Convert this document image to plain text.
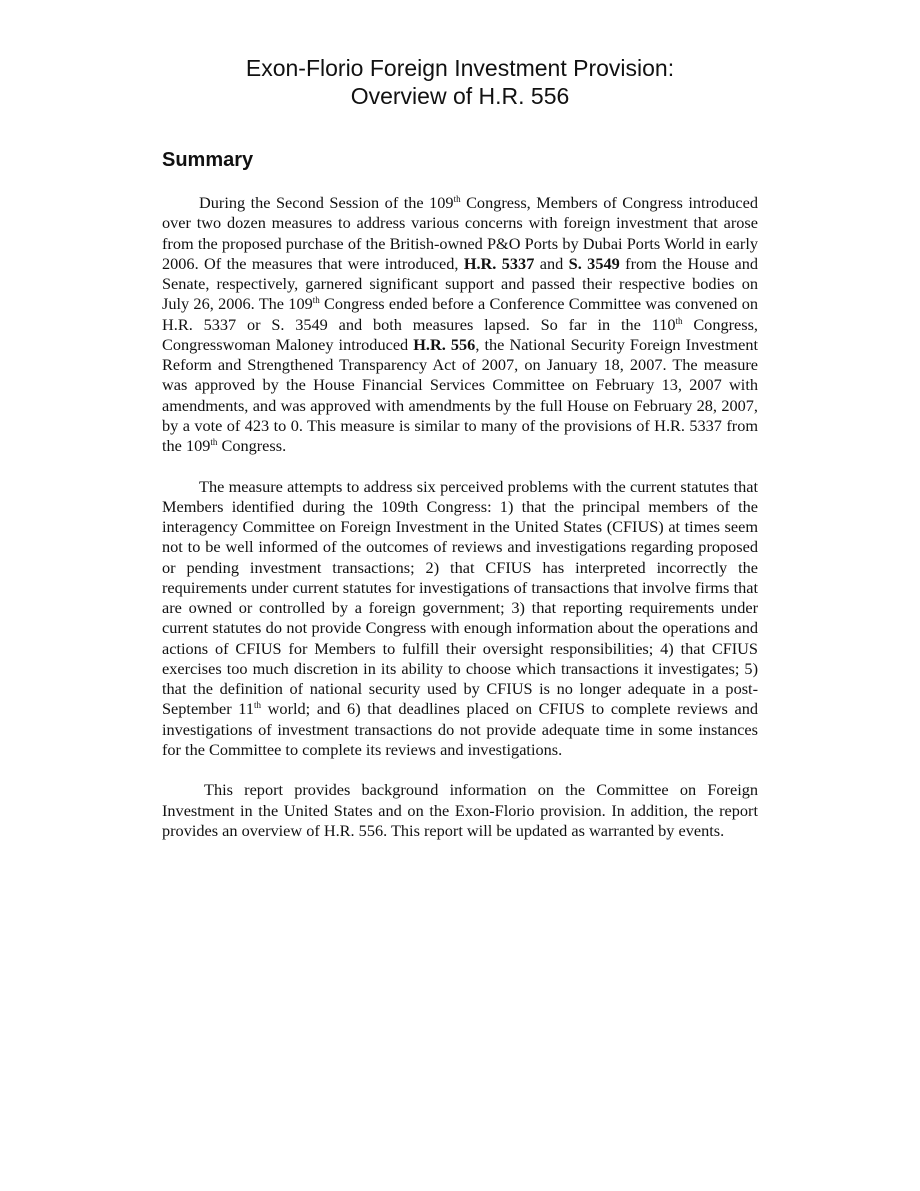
Exon-Florio Foreign Investment Provision:
Overview of H.R. 556
Summary

During the Second Session of the 109th Congress, Members of Congress introduced over two dozen measures to address various concerns with foreign investment that arose from the proposed purchase of the British-owned P&O Ports by Dubai Ports World in early 2006. Of the measures that were introduced, H.R. 5337 and S. 3549 from the House and Senate, respectively, garnered significant support and passed their respective bodies on July 26, 2006. The 109th Congress ended before a Conference Committee was convened on H.R. 5337 or S. 3549 and both measures lapsed. So far in the 110th Congress, Congresswoman Maloney introduced H.R. 556, the National Security Foreign Investment Reform and Strengthened Transparency Act of 2007, on January 18, 2007. The measure was approved by the House Financial Services Committee on February 13, 2007 with amendments, and was approved with amendments by the full House on February 28, 2007, by a vote of 423 to 0. This measure is similar to many of the provisions of H.R. 5337 from the 109th Congress.

The measure attempts to address six perceived problems with the current statutes that Members identified during the 109th Congress: 1) that the principal members of the interagency Committee on Foreign Investment in the United States (CFIUS) at times seem not to be well informed of the outcomes of reviews and investigations regarding proposed or pending investment transactions; 2) that CFIUS has interpreted incorrectly the requirements under current statutes for investigations of transactions that involve firms that are owned or controlled by a foreign government; 3) that reporting requirements under current statutes do not provide Congress with enough information about the operations and actions of CFIUS for Members to fulfill their oversight responsibilities; 4) that CFIUS exercises too much discretion in its ability to choose which transactions it investigates; 5) that the definition of national security used by CFIUS is no longer adequate in a post-September 11th world; and 6) that deadlines placed on CFIUS to complete reviews and investigations of investment transactions do not provide adequate time in some instances for the Committee to complete its reviews and investigations.

This report provides background information on the Committee on Foreign Investment in the United States and on the Exon-Florio provision. In addition, the report provides an overview of H.R. 556. This report will be updated as warranted by events.
